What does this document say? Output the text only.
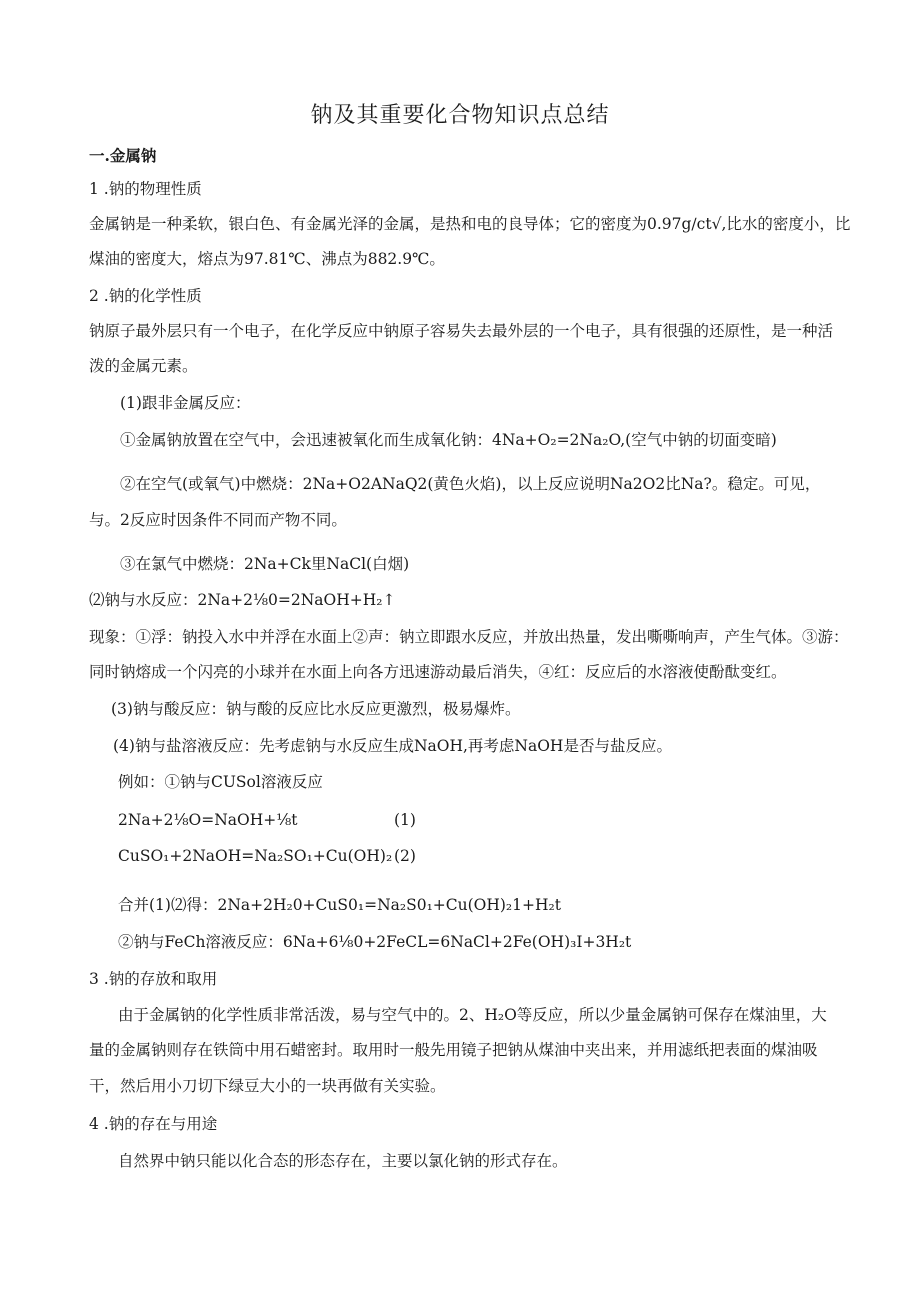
钠及其重要化合物知识点总结
一.金属钠
1 .钠的物理性质
金属钠是一种柔软，银白色、有金属光泽的金属，是热和电的良导体；它的密度为0.97g∕ct√,比水的密度小，比
煤油的密度大，熔点为97.81℃、沸点为882.9℃。
2 .钠的化学性质
钠原子最外层只有一个电子，在化学反应中钠原子容易失去最外层的一个电子，具有很强的还原性，是一种活
泼的金属元素。
(1)跟非金属反应：
①金属钠放置在空气中，会迅速被氧化而生成氧化钠：4Na+O₂=2Na₂O,(空气中钠的切面变暗)
②在空气(或氧气)中燃烧：2Na+O2ANaQ2(黄色火焰)，以上反应说明Na2O2比Na?。稳定。可见，
与。2反应时因条件不同而产物不同。
③在氯气中燃烧：2Na+Ck里NaCl(白烟)
⑵钠与水反应：2Na+2⅛0=2NaOH+H₂↑
现象：①浮：钠投入水中并浮在水面上②声：钠立即跟水反应，并放出热量，发出嘶嘶响声，产生气体。③游：
同时钠熔成一个闪亮的小球并在水面上向各方迅速游动最后消失，④红：反应后的水溶液使酚酞变红。
(3)钠与酸反应：钠与酸的反应比水反应更激烈，极易爆炸。
(4)钠与盐溶液反应：先考虑钠与水反应生成NaOH,再考虑NaOH是否与盐反应。
例如：①钠与CUSol溶液反应
2Na+2⅛O=NaOH+⅛t	(1)
CuSO₁+2NaOH=Na₂SO₁+Cu(OH)₂ (2)
合并(1)⑵得：2Na+2H₂0+CuS0₁=Na₂S0₁+Cu(OH)₂1+H₂t
②钠与FeCh溶液反应：6Na+6⅛0+2FeCL=6NaCl+2Fe(OH)₃I+3H₂t
3 .钠的存放和取用
由于金属钠的化学性质非常活泼，易与空气中的。2、H₂O等反应，所以少量金属钠可保存在煤油里，大
量的金属钠则存在铁筒中用石蜡密封。取用时一般先用镜子把钠从煤油中夹出来，并用滤纸把表面的煤油吸
干，然后用小刀切下绿豆大小的一块再做有关实验。
4 .钠的存在与用途
自然界中钠只能以化合态的形态存在，主要以氯化钠的形式存在。
